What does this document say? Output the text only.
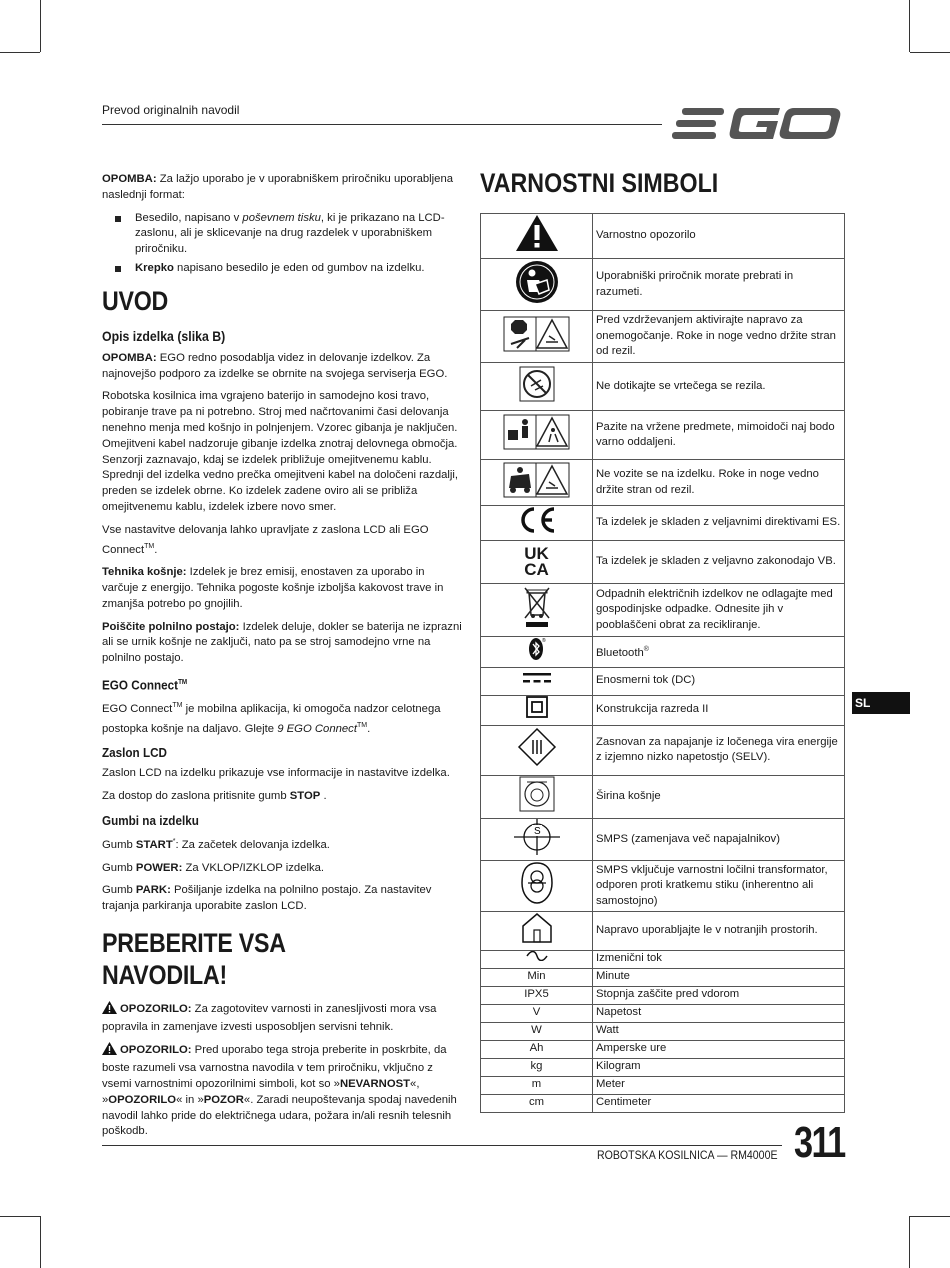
Prevod originalnih navodil

OPOMBA: Za lažjo uporabo je v uporabniškem priročniku uporabljena naslednji format:

Besedilo, napisano v poševnem tisku, ki je prikazano na LCD-zaslonu, ali je sklicevanje na drug razdelek v uporabniškem priročniku.
Krepko napisano besedilo je eden od gumbov na izdelku.
UVOD
Opis izdelka (slika B)

OPOMBA: EGO redno posodablja videz in delovanje izdelkov. Za najnovejšo podporo za izdelke se obrnite na svojega serviserja EGO.

Robotska kosilnica ima vgrajeno baterijo in samodejno kosi travo, pobiranje trave pa ni potrebno. Stroj med načrtovanimi časi delovanja nenehno menja med košnjo in polnjenjem. Vzorec gibanja je naključen. Omejitveni kabel nadzoruje gibanje izdelka znotraj delovnega območja. Senzorji zaznavajo, kdaj se izdelek približuje omejitvenemu kablu. Sprednji del izdelka vedno prečka omejitveni kabel na določeni razdalji, preden se izdelek obrne. Ko izdelek zadene oviro ali se približa omejitvenemu kablu, izdelek izbere novo smer.

Vse nastavitve delovanja lahko upravljate z zaslona LCD ali EGO Connect™.

Tehnika košnje: Izdelek je brez emisij, enostaven za uporabo in varčuje z energijo. Tehnika pogoste košnje izboljša kakovost trave in zmanjša potrebo po gnojilih.

Poiščite polnilno postajo: Izdelek deluje, dokler se baterija ne izprazni ali se urnik košnje ne zaključi, nato pa se stroj samodejno vrne na polnilno postajo.

EGO Connect™

EGO Connect™ je mobilna aplikacija, ki omogoča nadzor celotnega postopka košnje na daljavo. Glejte 9 EGO Connect™.

Zaslon LCD

Zaslon LCD na izdelku prikazuje vse informacije in nastavitve izdelka.

Za dostop do zaslona pritisnite gumb STOP .

Gumbi na izdelku

Gumb START*: Za začetek delovanja izdelka.

Gumb POWER: Za VKLOP/IZKLOP izdelka.

Gumb PARK: Pošiljanje izdelka na polnilno postajo. Za nastavitev trajanja parkiranja uporabite zaslon LCD.

PREBERITE VSA NAVODILA!

OPOZORILO: Za zagotovitev varnosti in zanesljivosti mora vsa popravila in zamenjave izvesti usposobljen servisni tehnik.

OPOZORILO: Pred uporabo tega stroja preberite in poskrbite, da boste razumeli vsa varnostna navodila v tem priročniku, vključno z vsemi varnostnimi opozorilnimi simboli, kot so »NEVARNOST«, »OPOZORILO« in »POZOR«. Zaradi neupoštevanja spodaj navedenih navodil lahko pride do električnega udara, požara in/ali resnih telesnih poškodb.

VARNOSTNI SIMBOLI
	Varnostno opozorilo
	Uporabniški priročnik morate prebrati in razumeti.
	Pred vzdrževanjem aktivirajte napravo za onemogočanje. Roke in noge vedno držite stran od rezil.
	Ne dotikajte se vrtečega se rezila.
	Pazite na vržene predmete, mimoidoči naj bodo varno oddaljeni.
	Ne vozite se na izdelku. Roke in noge vedno držite stran od rezil.
	Ta izdelek je skladen z veljavnimi direktivami ES.

UK
CA	Ta izdelek je skladen z veljavno zakonodajo VB.
	Odpadnih električnih izdelkov ne odlagajte med gospodinjske odpadke. Odnesite jih v pooblaščeni obrat za recikliranje.

®	Bluetooth®
	Enosmerni tok (DC)
	Konstrukcija razreda II
	Zasnovan za napajanje iz ločenega vira energije z izjemno nizko napetostjo (SELV).
	Širina košnje

S	SMPS (zamenjava več napajalnikov)
	SMPS vključuje varnostni ločilni transformator, odporen proti kratkemu stiku (inherentno ali samostojno)
	Napravo uporabljajte le v notranjih prostorih.
	Izmenični tok
Min	Minute
IPX5	Stopnja zaščite pred vdorom
V	Napetost
W	Watt
Ah	Amperske ure
kg	Kilogram
m	Meter
cm	Centimeter
SL
ROBOTSKA KOSILNICA — RM4000E 311
